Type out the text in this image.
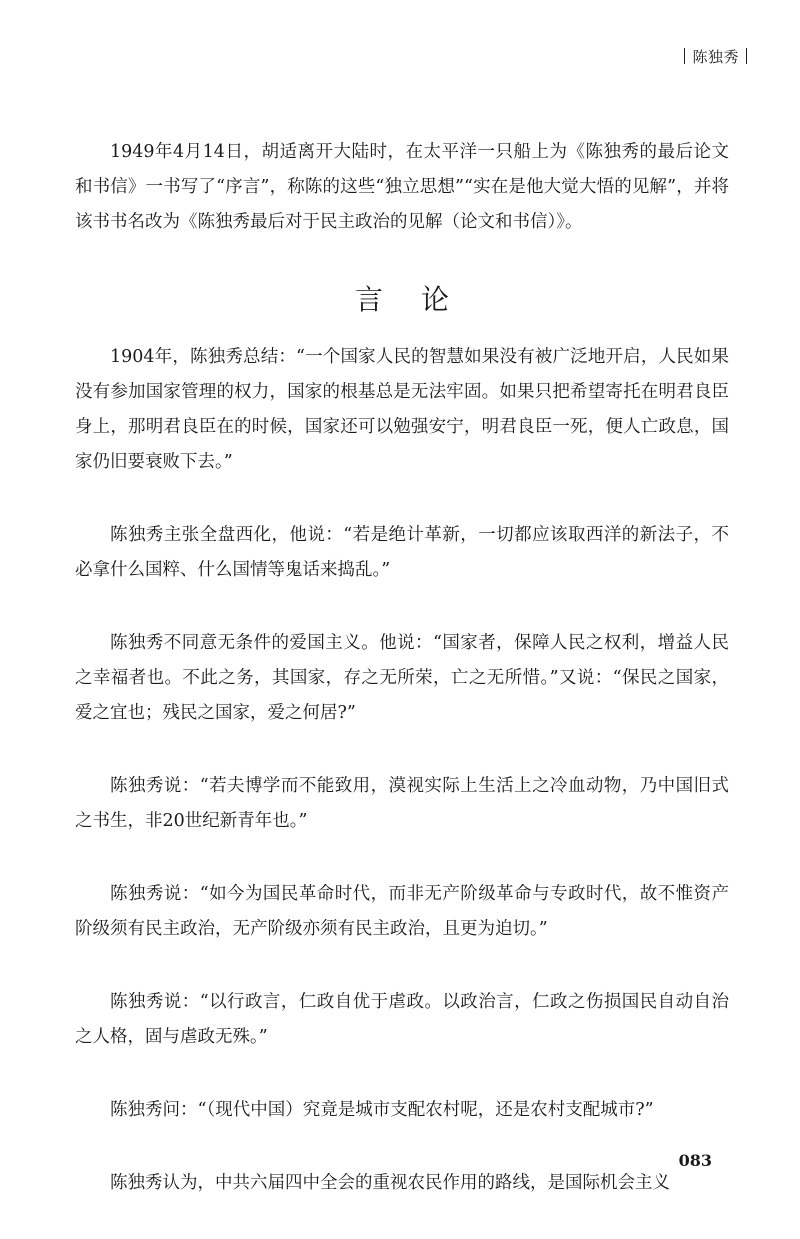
陈独秀

1949年4月14日，胡适离开大陆时，在太平洋一只船上为《陈独秀的最后论文和书信》一书写了“序言”，称陈的这些“独立思想”“实在是他大觉大悟的见解”，并将该书书名改为《陈独秀最后对于民主政治的见解（论文和书信）》。

言论

1904年，陈独秀总结：“一个国家人民的智慧如果没有被广泛地开启，人民如果没有参加国家管理的权力，国家的根基总是无法牢固。如果只把希望寄托在明君良臣身上，那明君良臣在的时候，国家还可以勉强安宁，明君良臣一死，便人亡政息，国家仍旧要衰败下去。”

陈独秀主张全盘西化，他说：“若是绝计革新，一切都应该取西洋的新法子，不必拿什么国粹、什么国情等鬼话来捣乱。”

陈独秀不同意无条件的爱国主义。他说：“国家者，保障人民之权利，增益人民之幸福者也。不此之务，其国家，存之无所荣，亡之无所惜。”又说：“保民之国家，爱之宜也；残民之国家，爱之何居?”

陈独秀说：“若夫博学而不能致用，漠视实际上生活上之冷血动物，乃中国旧式之书生，非20世纪新青年也。”

陈独秀说：“如今为国民革命时代，而非无产阶级革命与专政时代，故不惟资产阶级须有民主政治，无产阶级亦须有民主政治，且更为迫切。”

陈独秀说：“以行政言，仁政自优于虐政。以政治言，仁政之伤损国民自动自治之人格，固与虐政无殊。”

陈独秀问：“（现代中国）究竟是城市支配农村呢，还是农村支配城市?”

陈独秀认为，中共六届四中全会的重视农民作用的路线，是国际机会主义

083
